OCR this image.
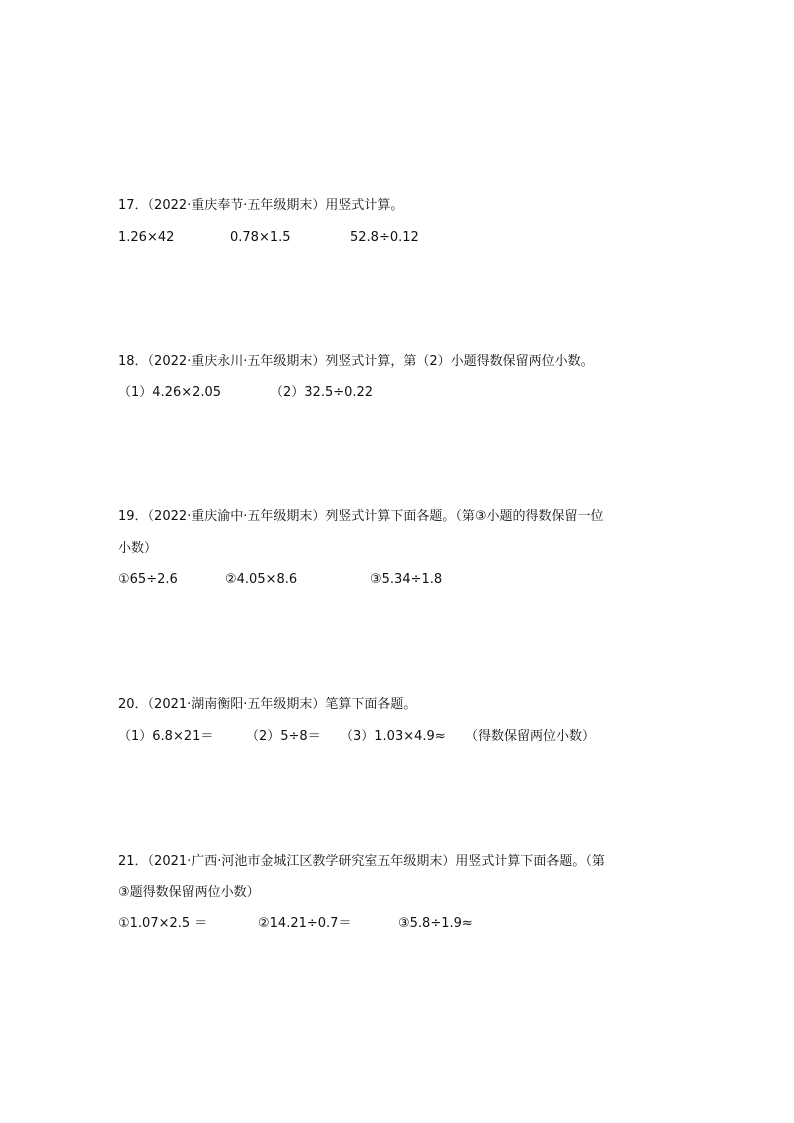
17．（2022·重庆奉节·五年级期末）用竖式计算。
1.26×42	0.78×1.5	52.8÷0.12
18．（2022·重庆永川·五年级期末）列竖式计算，第（2）小题得数保留两位小数。
（1）4.26×2.05	（2）32.5÷0.22
19．（2022·重庆渝中·五年级期末）列竖式计算下面各题。（第③小题的得数保留一位
小数）
①65÷2.6	②4.05×8.6	③5.34÷1.8
20．（2021·湖南衡阳·五年级期末）笔算下面各题。
（1）6.8×21＝	（2）5÷8＝ （3）1.03×4.9≈ （得数保留两位小数）
21．（2021·广西·河池市金城江区教学研究室五年级期末）用竖式计算下面各题。（第
③题得数保留两位小数）
①1.07×2.5 ＝	②14.21÷0.7＝	③5.8÷1.9≈
